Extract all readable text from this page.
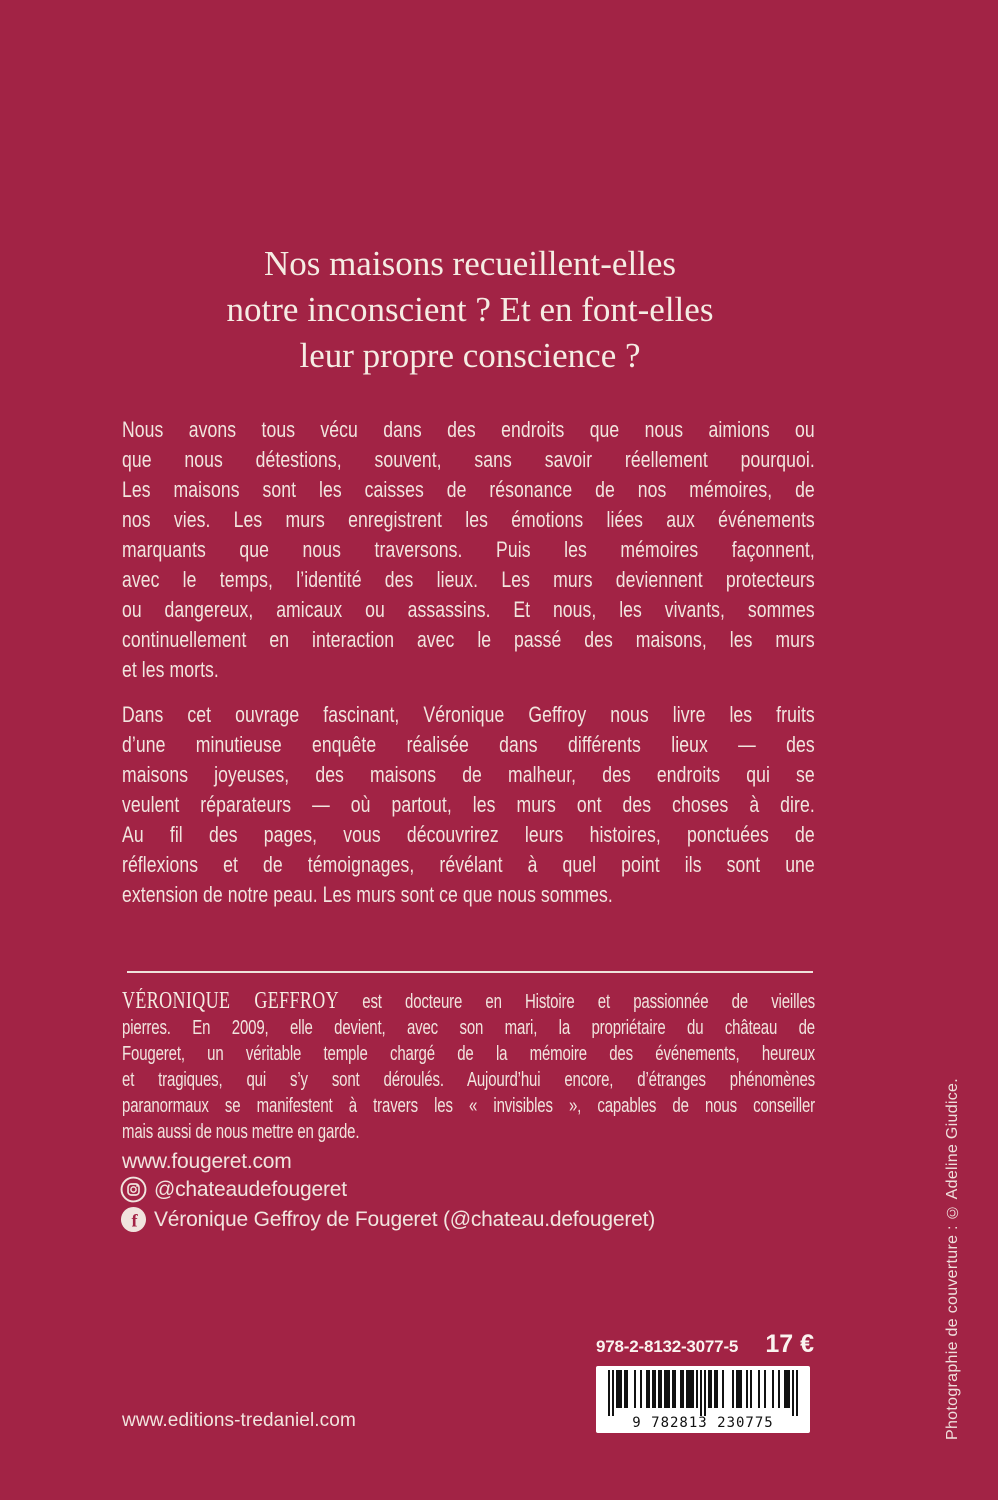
Nos maisons recueillent-elles
notre inconscient ? Et en font-elles
leur propre conscience ?
Nous avons tous vécu dans des endroits que nous aimions ou
que nous détestions, souvent, sans savoir réellement pourquoi.
Les maisons sont les caisses de résonance de nos mémoires, de
nos vies. Les murs enregistrent les émotions liées aux événements
marquants que nous traversons. Puis les mémoires façonnent,
avec le temps, l’identité des lieux. Les murs deviennent protecteurs
ou dangereux, amicaux ou assassins. Et nous, les vivants, sommes
continuellement en interaction avec le passé des maisons, les murs
et les morts.
Dans cet ouvrage fascinant, Véronique Geffroy nous livre les fruits
d’une minutieuse enquête réalisée dans différents lieux — des
maisons joyeuses, des maisons de malheur, des endroits qui se
veulent réparateurs — où partout, les murs ont des choses à dire.
Au fil des pages, vous découvrirez leurs histoires, ponctuées de
réflexions et de témoignages, révélant à quel point ils sont une
extension de notre peau. Les murs sont ce que nous sommes.
VÉRONIQUE GEFFROY est docteure en Histoire et passionnée de vieilles
pierres. En 2009, elle devient, avec son mari, la propriétaire du château de
Fougeret, un véritable temple chargé de la mémoire des événements, heureux
et tragiques, qui s’y sont déroulés. Aujourd’hui encore, d’étranges phénomènes
paranormaux se manifestent à travers les « invisibles », capables de nous conseiller
mais aussi de nous mettre en garde.
www.fougeret.com
@chateaudefougeret
f Véronique Geffroy de Fougeret (@chateau.defougeret)
978-2-8132-3077-5 17 €
9 782813 230775
www.editions-tredaniel.com	Photographie de couverture : © Adeline Giudice.
